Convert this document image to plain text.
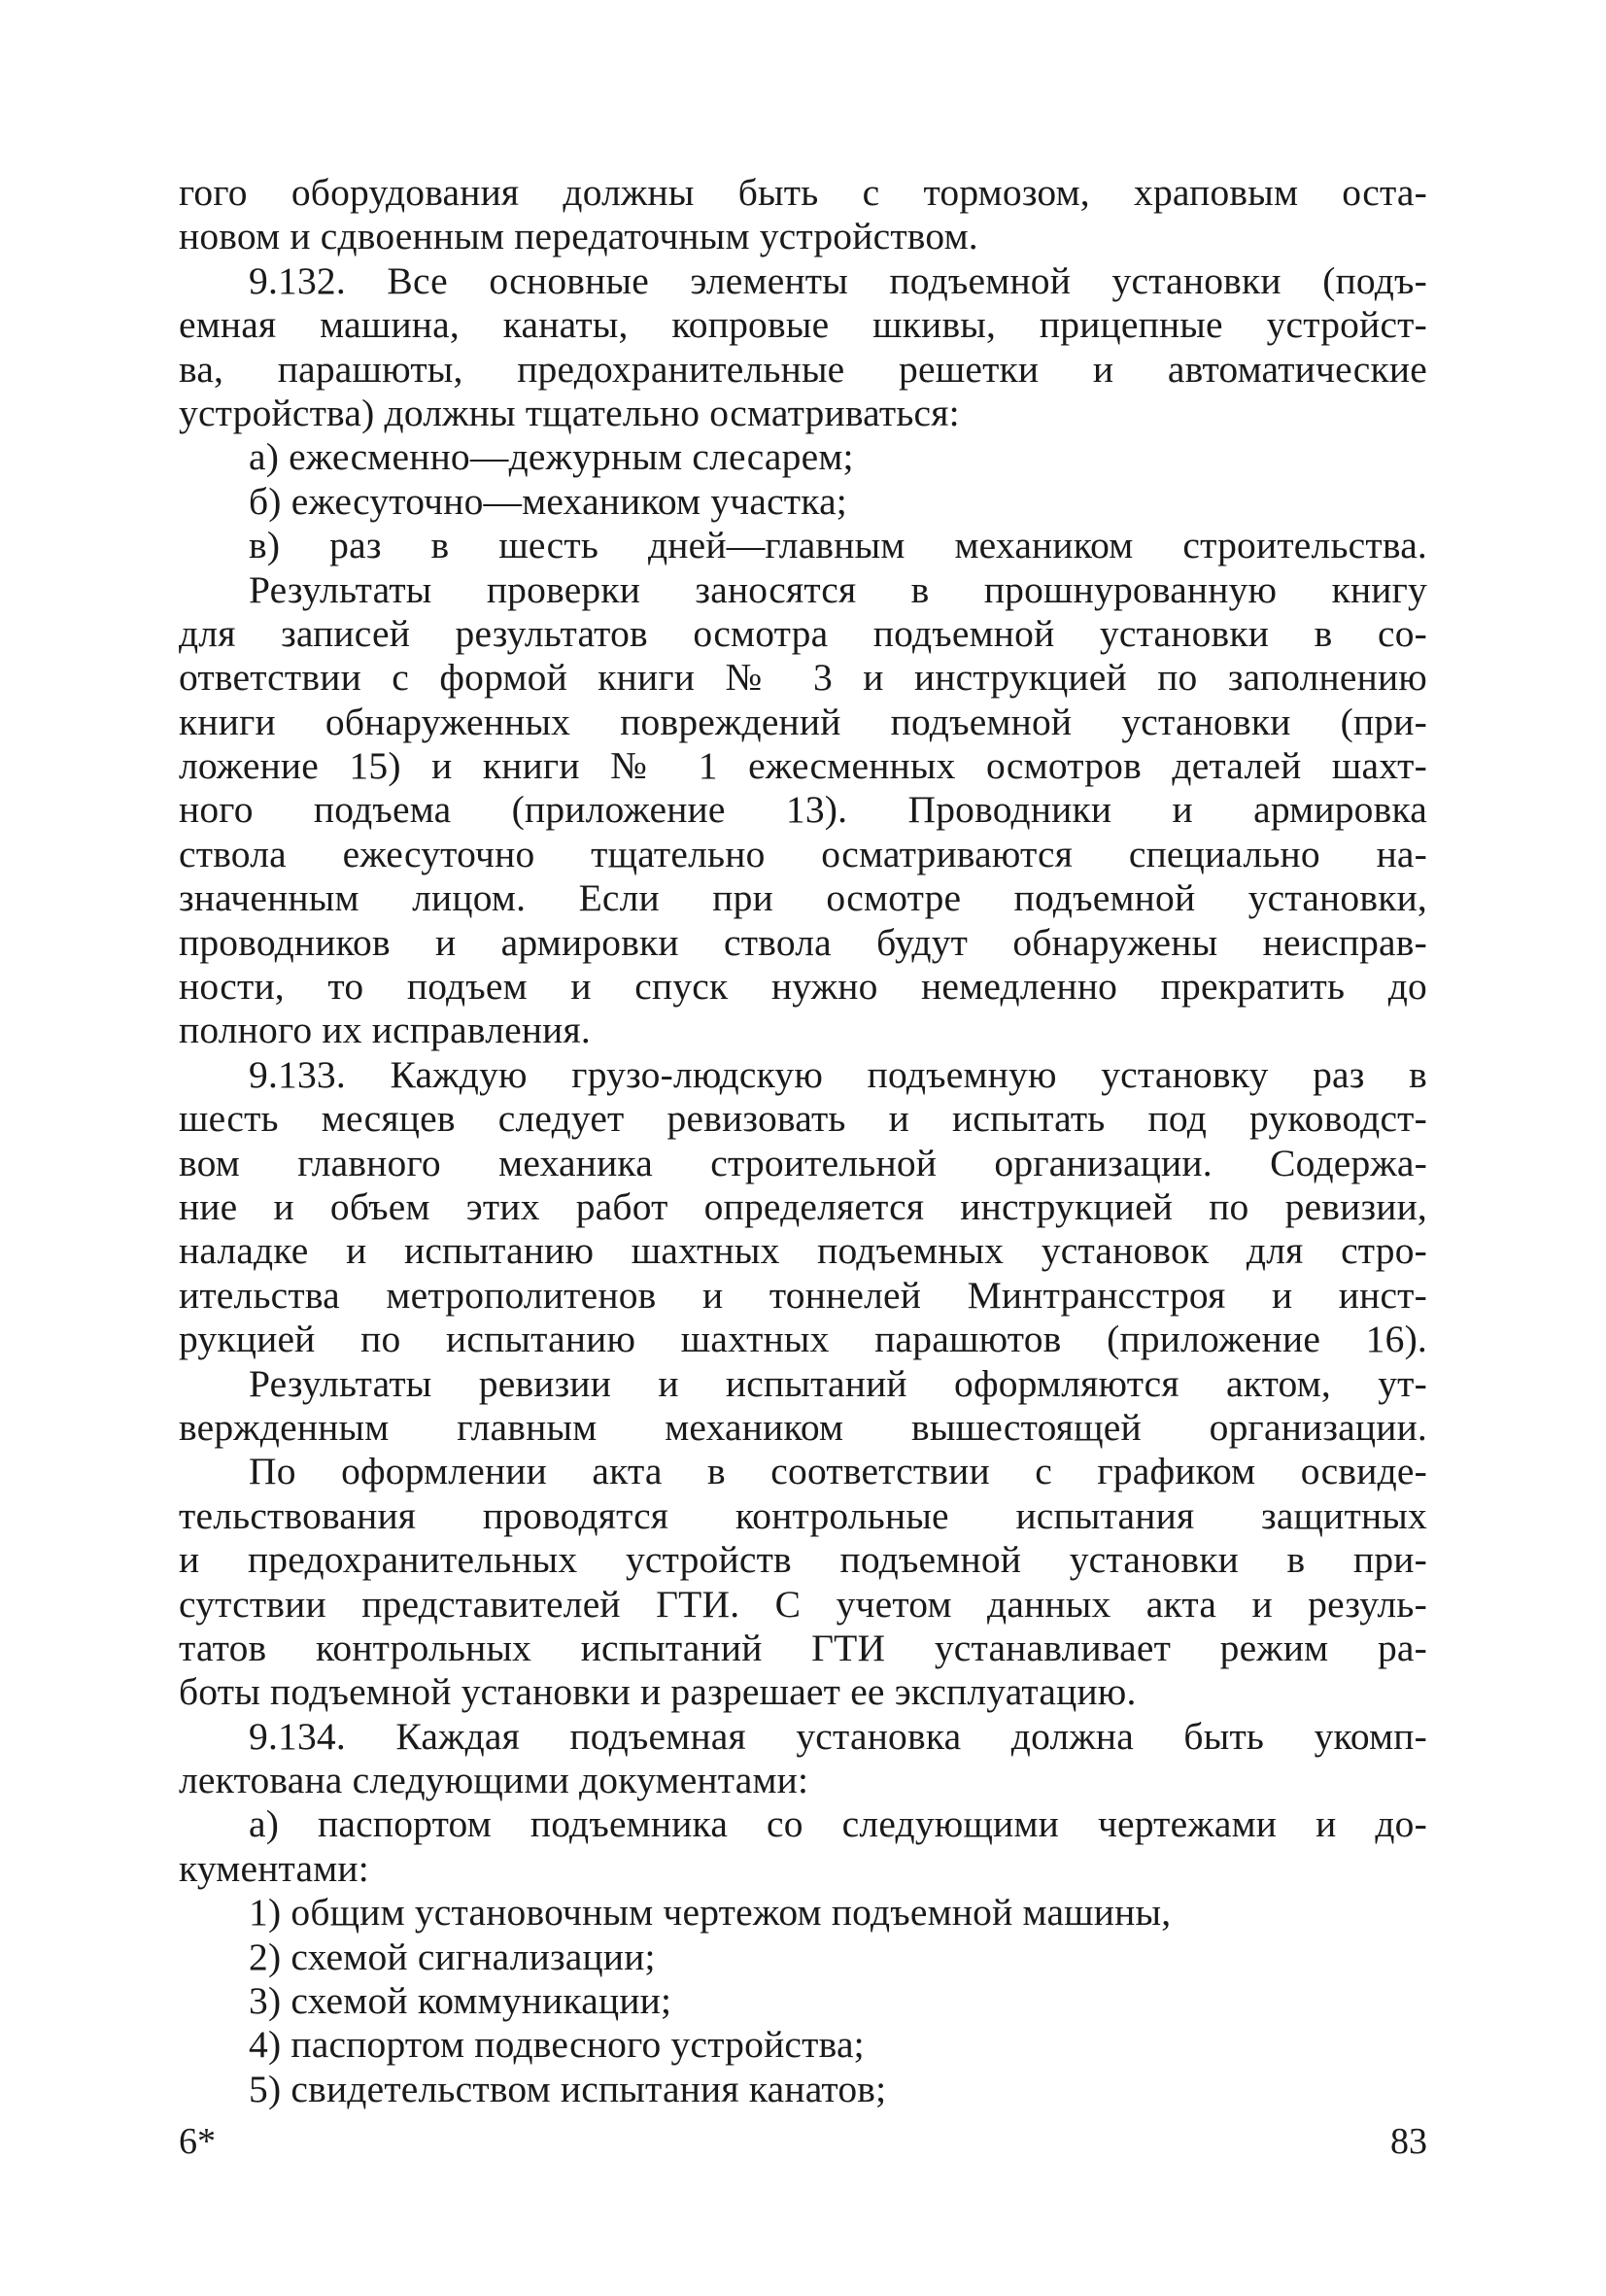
гого оборудования должны быть с тормозом, храповым оста-
новом и сдвоенным передаточным устройством.
9.132. Все основные элементы подъемной установки (подъ-
емная машина, канаты, копровые шкивы, прицепные устройст-
ва, парашюты, предохранительные решетки и автоматические
устройства) должны тщательно осматриваться:
а) ежесменно—дежурным слесарем;
б) ежесуточно—механиком участка;
в) раз в шесть дней—главным механиком строительства.
Результаты проверки заносятся в прошнурованную книгу
для записей результатов осмотра подъемной установки в со-
ответствии с формой книги № 3 и инструкцией по заполнению
книги обнаруженных повреждений подъемной установки (при-
ложение 15) и книги № 1 ежесменных осмотров деталей шахт-
ного подъема (приложение 13). Проводники и армировка
ствола ежесуточно тщательно осматриваются специально на-
значенным лицом. Если при осмотре подъемной установки,
проводников и армировки ствола будут обнаружены неисправ-
ности, то подъем и спуск нужно немедленно прекратить до
полного их исправления.
9.133. Каждую грузо-людскую подъемную установку раз в
шесть месяцев следует ревизовать и испытать под руководст-
вом главного механика строительной организации. Содержа-
ние и объем этих работ определяется инструкцией по ревизии,
наладке и испытанию шахтных подъемных установок для стро-
ительства метрополитенов и тоннелей Минтрансстроя и инст-
рукцией по испытанию шахтных парашютов (приложение 16).
Результаты ревизии и испытаний оформляются актом, ут-
вержденным главным механиком вышестоящей организации.
По оформлении акта в соответствии с графиком освиде-
тельствования проводятся контрольные испытания защитных
и предохранительных устройств подъемной установки в при-
сутствии представителей ГТИ. С учетом данных акта и резуль-
татов контрольных испытаний ГТИ устанавливает режим ра-
боты подъемной установки и разрешает ее эксплуатацию.
9.134. Каждая подъемная установка должна быть укомп-
лектована следующими документами:
а) паспортом подъемника со следующими чертежами и до-
кументами:
1) общим установочным чертежом подъемной машины,
2) схемой сигнализации;
3) схемой коммуникации;
4) паспортом подвесного устройства;
5) свидетельством испытания канатов;
6*	83
